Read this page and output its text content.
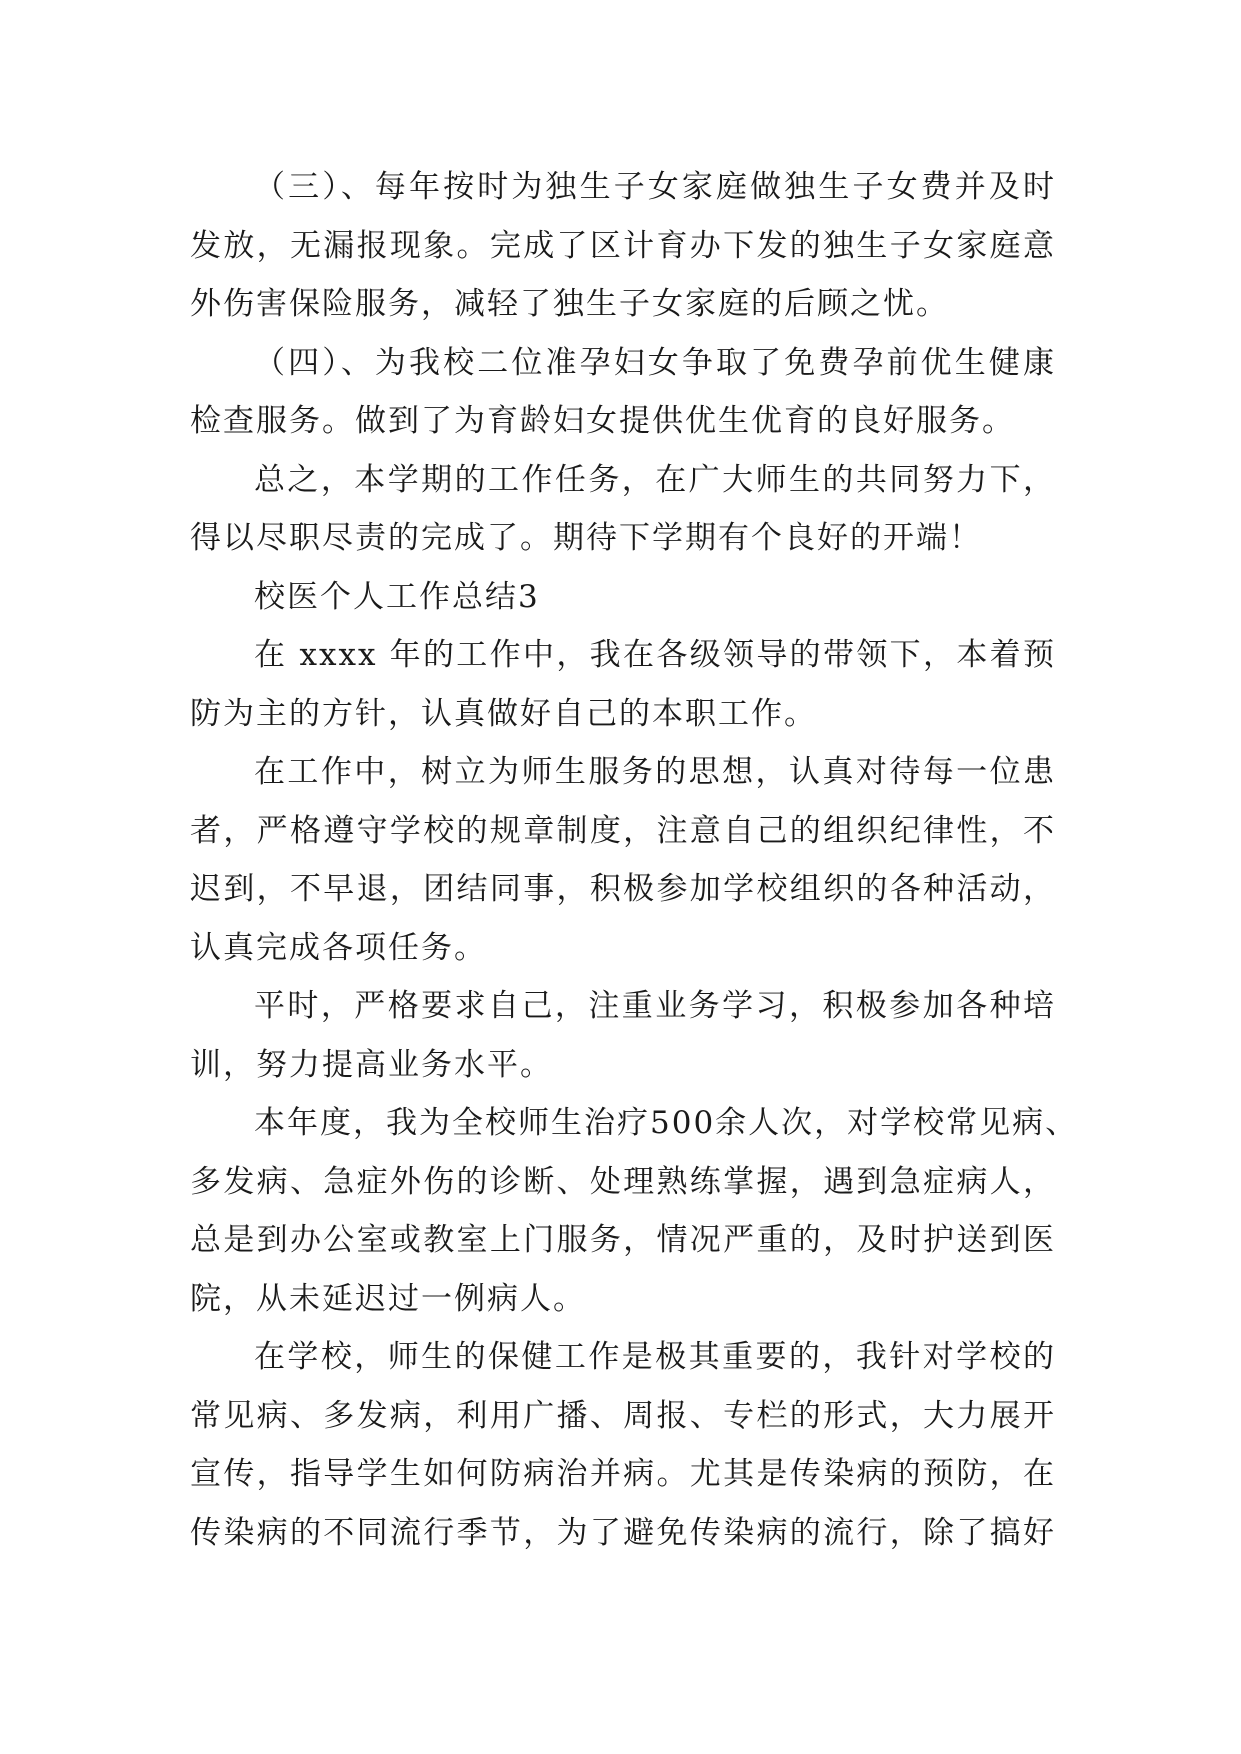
（三）、每年按时为独生子女家庭做独生子女费并及时
发放，无漏报现象。完成了区计育办下发的独生子女家庭意
外伤害保险服务，减轻了独生子女家庭的后顾之忧。
（四）、为我校二位准孕妇女争取了免费孕前优生健康
检查服务。做到了为育龄妇女提供优生优育的良好服务。
总之，本学期的工作任务，在广大师生的共同努力下，
得以尽职尽责的完成了。期待下学期有个良好的开端！
校医个人工作总结3
在 xxxx 年的工作中，我在各级领导的带领下，本着预
防为主的方针，认真做好自己的本职工作。
在工作中，树立为师生服务的思想，认真对待每一位患
者，严格遵守学校的规章制度，注意自己的组织纪律性，不
迟到，不早退，团结同事，积极参加学校组织的各种活动，
认真完成各项任务。
平时，严格要求自己，注重业务学习，积极参加各种培
训，努力提高业务水平。
本年度，我为全校师生治疗500余人次，对学校常见病、
多发病、急症外伤的诊断、处理熟练掌握，遇到急症病人，
总是到办公室或教室上门服务，情况严重的，及时护送到医
院，从未延迟过一例病人。
在学校，师生的保健工作是极其重要的，我针对学校的
常见病、多发病，利用广播、周报、专栏的形式，大力展开
宣传，指导学生如何防病治并病。尤其是传染病的预防，在
传染病的不同流行季节，为了避免传染病的流行，除了搞好
